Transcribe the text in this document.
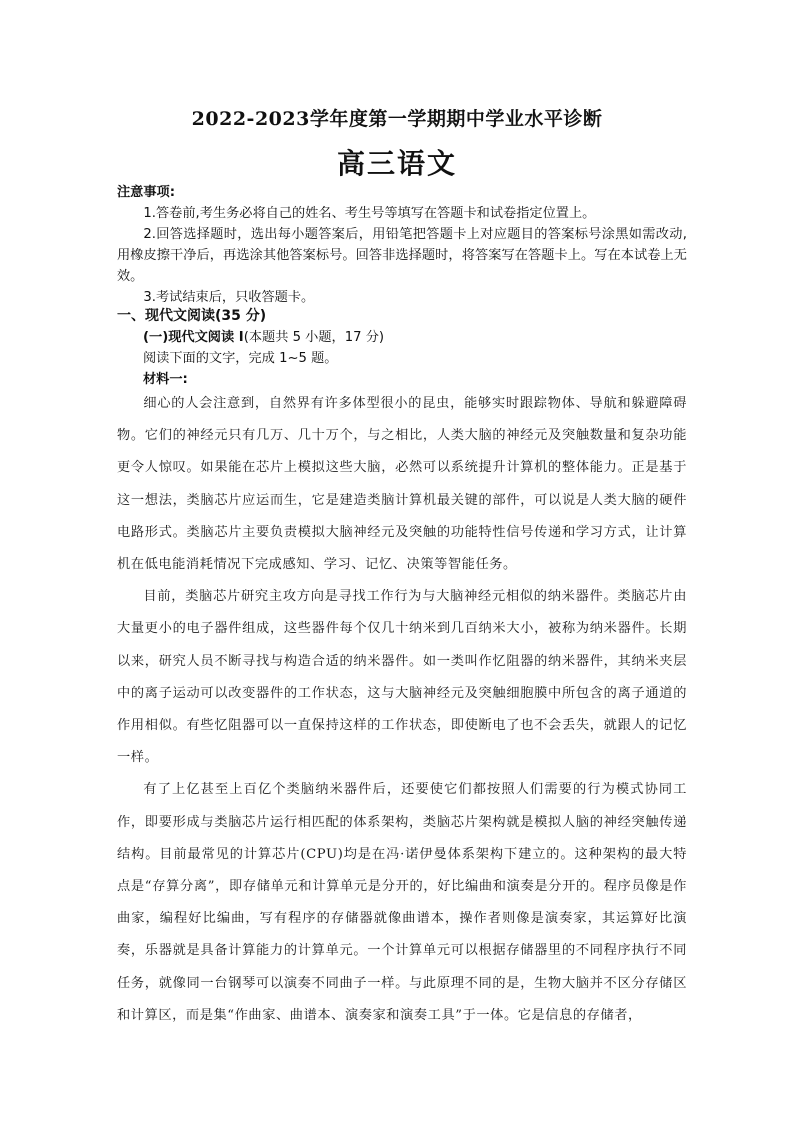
2022-2023学年度第一学期期中学业水平诊断
高三语文
注意事项:

1.答卷前,考生务必将自己的姓名、考生号等填写在答题卡和试卷指定位置上。

2.回答选择题时，选出每小题答案后，用铅笔把答题卡上对应题目的答案标号涂黑如需改动,用橡皮擦干净后，再选涂其他答案标号。回答非选择题时，将答案写在答题卡上。写在本试卷上无效。

3.考试结束后，只收答题卡。

一、现代文阅读(35 分)
(一)现代文阅读 I(本题共 5 小题，17 分)
阅读下面的文字，完成 1~5 题。
材料一:

细心的人会注意到，自然界有许多体型很小的昆虫，能够实时跟踪物体、导航和躲避障碍物。它们的神经元只有几万、几十万个，与之相比，人类大脑的神经元及突触数量和复杂功能更令人惊叹。如果能在芯片上模拟这些大脑，必然可以系统提升计算机的整体能力。正是基于这一想法，类脑芯片应运而生，它是建造类脑计算机最关键的部件，可以说是人类大脑的硬件电路形式。类脑芯片主要负责模拟大脑神经元及突触的功能特性信号传递和学习方式，让计算机在低电能消耗情况下完成感知、学习、记忆、决策等智能任务。

目前，类脑芯片研究主攻方向是寻找工作行为与大脑神经元相似的纳米器件。类脑芯片由大量更小的电子器件组成，这些器件每个仅几十纳米到几百纳米大小，被称为纳米器件。长期以来，研究人员不断寻找与构造合适的纳米器件。如一类叫作忆阻器的纳米器件，其纳米夹层中的离子运动可以改变器件的工作状态，这与大脑神经元及突触细胞膜中所包含的离子通道的作用相似。有些忆阻器可以一直保持这样的工作状态，即使断电了也不会丢失，就跟人的记忆一样。

有了上亿甚至上百亿个类脑纳米器件后，还要使它们都按照人们需要的行为模式协同工作，即要形成与类脑芯片运行相匹配的体系架构，类脑芯片架构就是模拟人脑的神经突触传递结构。目前最常见的计算芯片(CPU)均是在冯·诺伊曼体系架构下建立的。这种架构的最大特点是“存算分离”，即存储单元和计算单元是分开的，好比编曲和演奏是分开的。程序员像是作曲家，编程好比编曲，写有程序的存储器就像曲谱本，操作者则像是演奏家，其运算好比演奏，乐器就是具备计算能力的计算单元。一个计算单元可以根据存储器里的不同程序执行不同任务，就像同一台钢琴可以演奏不同曲子一样。与此原理不同的是，生物大脑并不区分存储区和计算区，而是集“作曲家、曲谱本、演奏家和演奏工具”于一体。它是信息的存储者，
